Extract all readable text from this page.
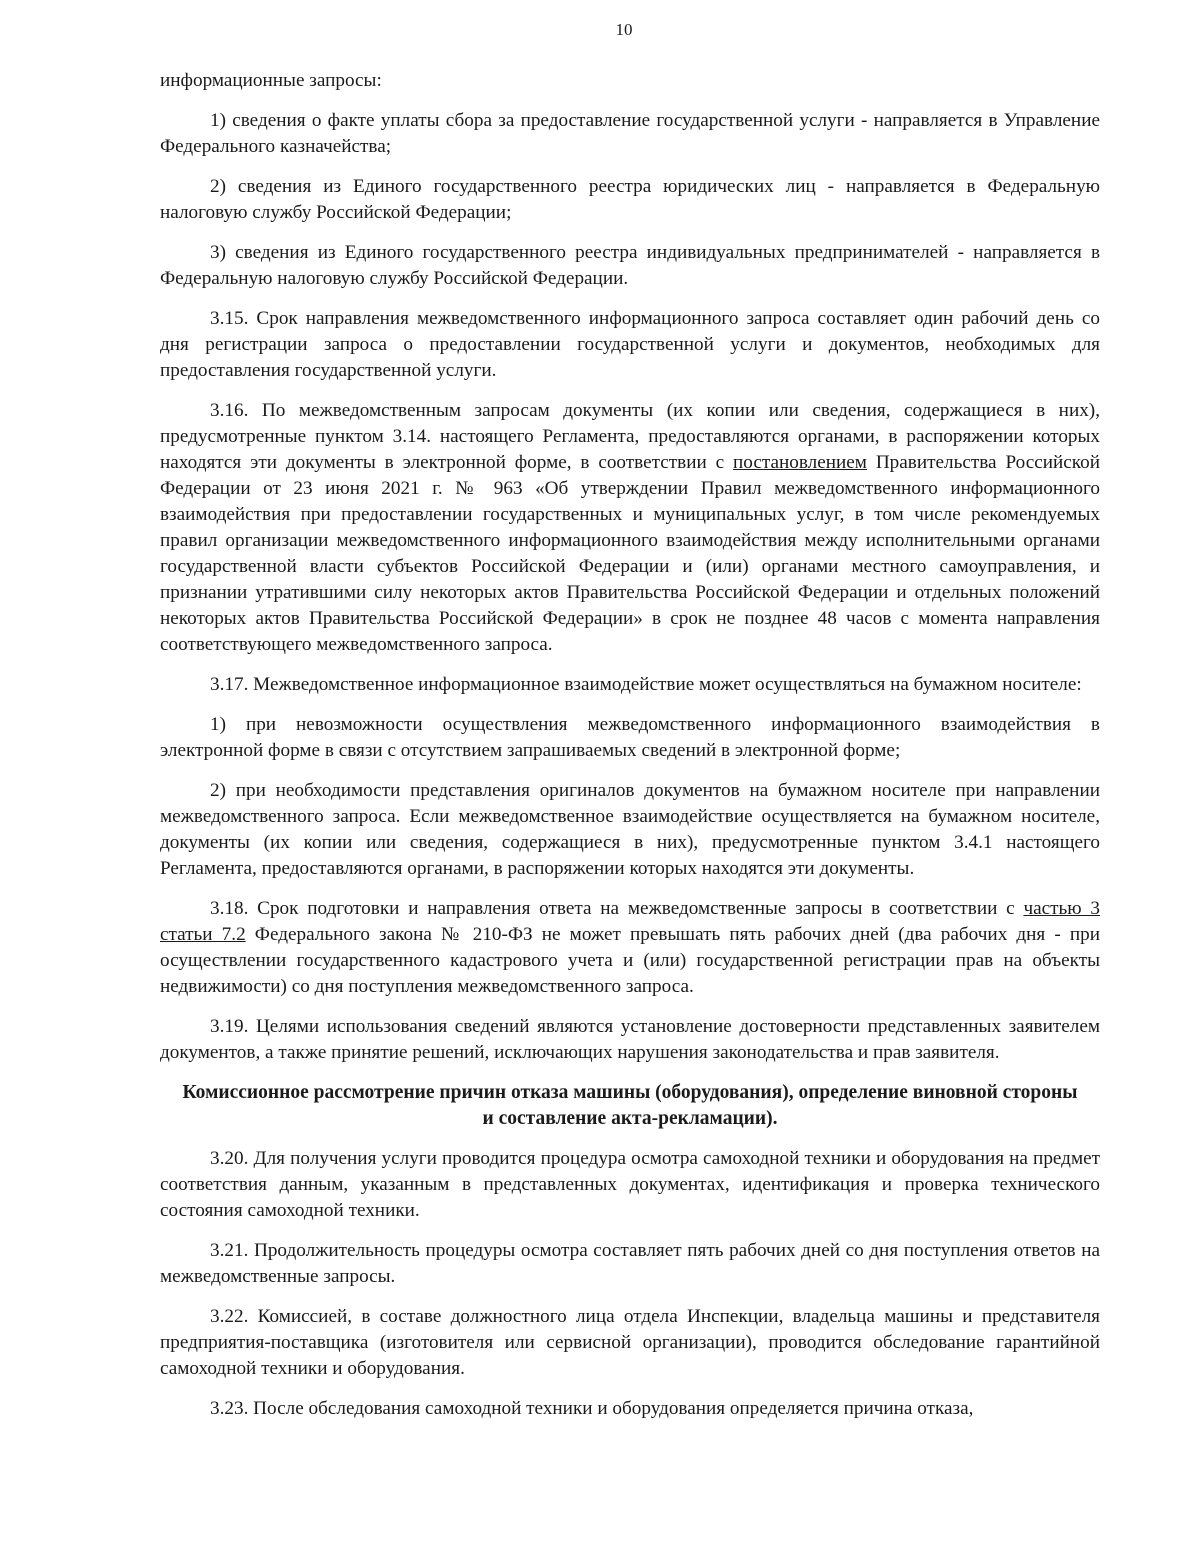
10

информационные запросы:

1) сведения о факте уплаты сбора за предоставление государственной услуги - направляется в Управление Федерального казначейства;

2) сведения из Единого государственного реестра юридических лиц - направляется в Федеральную налоговую службу Российской Федерации;

3) сведения из Единого государственного реестра индивидуальных предпринимателей - направляется в Федеральную налоговую службу Российской Федерации.

3.15. Срок направления межведомственного информационного запроса составляет один рабочий день со дня регистрации запроса о предоставлении государственной услуги и документов, необходимых для предоставления государственной услуги.

3.16. По межведомственным запросам документы (их копии или сведения, содержащиеся в них), предусмотренные пунктом 3.14. настоящего Регламента, предоставляются органами, в распоряжении которых находятся эти документы в электронной форме, в соответствии с постановлением Правительства Российской Федерации от 23 июня 2021 г. № 963 «Об утверждении Правил межведомственного информационного взаимодействия при предоставлении государственных и муниципальных услуг, в том числе рекомендуемых правил организации межведомственного информационного взаимодействия между исполнительными органами государственной власти субъектов Российской Федерации и (или) органами местного самоуправления, и признании утратившими силу некоторых актов Правительства Российской Федерации и отдельных положений некоторых актов Правительства Российской Федерации» в срок не позднее 48 часов с момента направления соответствующего межведомственного запроса.

3.17. Межведомственное информационное взаимодействие может осуществляться на бумажном носителе:

1) при невозможности осуществления межведомственного информационного взаимодействия в электронной форме в связи с отсутствием запрашиваемых сведений в электронной форме;

2) при необходимости представления оригиналов документов на бумажном носителе при направлении межведомственного запроса. Если межведомственное взаимодействие осуществляется на бумажном носителе, документы (их копии или сведения, содержащиеся в них), предусмотренные пунктом 3.4.1 настоящего Регламента, предоставляются органами, в распоряжении которых находятся эти документы.

3.18. Срок подготовки и направления ответа на межведомственные запросы в соответствии с частью 3 статьи 7.2 Федерального закона № 210-ФЗ не может превышать пять рабочих дней (два рабочих дня - при осуществлении государственного кадастрового учета и (или) государственной регистрации прав на объекты недвижимости) со дня поступления межведомственного запроса.

3.19. Целями использования сведений являются установление достоверности представленных заявителем документов, а также принятие решений, исключающих нарушения законодательства и прав заявителя.

Комиссионное рассмотрение причин отказа машины (оборудования), определение виновной стороны и составление акта-рекламации).

3.20. Для получения услуги проводится процедура осмотра самоходной техники и оборудования на предмет соответствия данным, указанным в представленных документах, идентификация и проверка технического состояния самоходной техники.

3.21. Продолжительность процедуры осмотра составляет пять рабочих дней со дня поступления ответов на межведомственные запросы.

3.22. Комиссией, в составе должностного лица отдела Инспекции, владельца машины и представителя предприятия-поставщика (изготовителя или сервисной организации), проводится обследование гарантийной самоходной техники и оборудования.

3.23. После обследования самоходной техники и оборудования определяется причина отказа,
